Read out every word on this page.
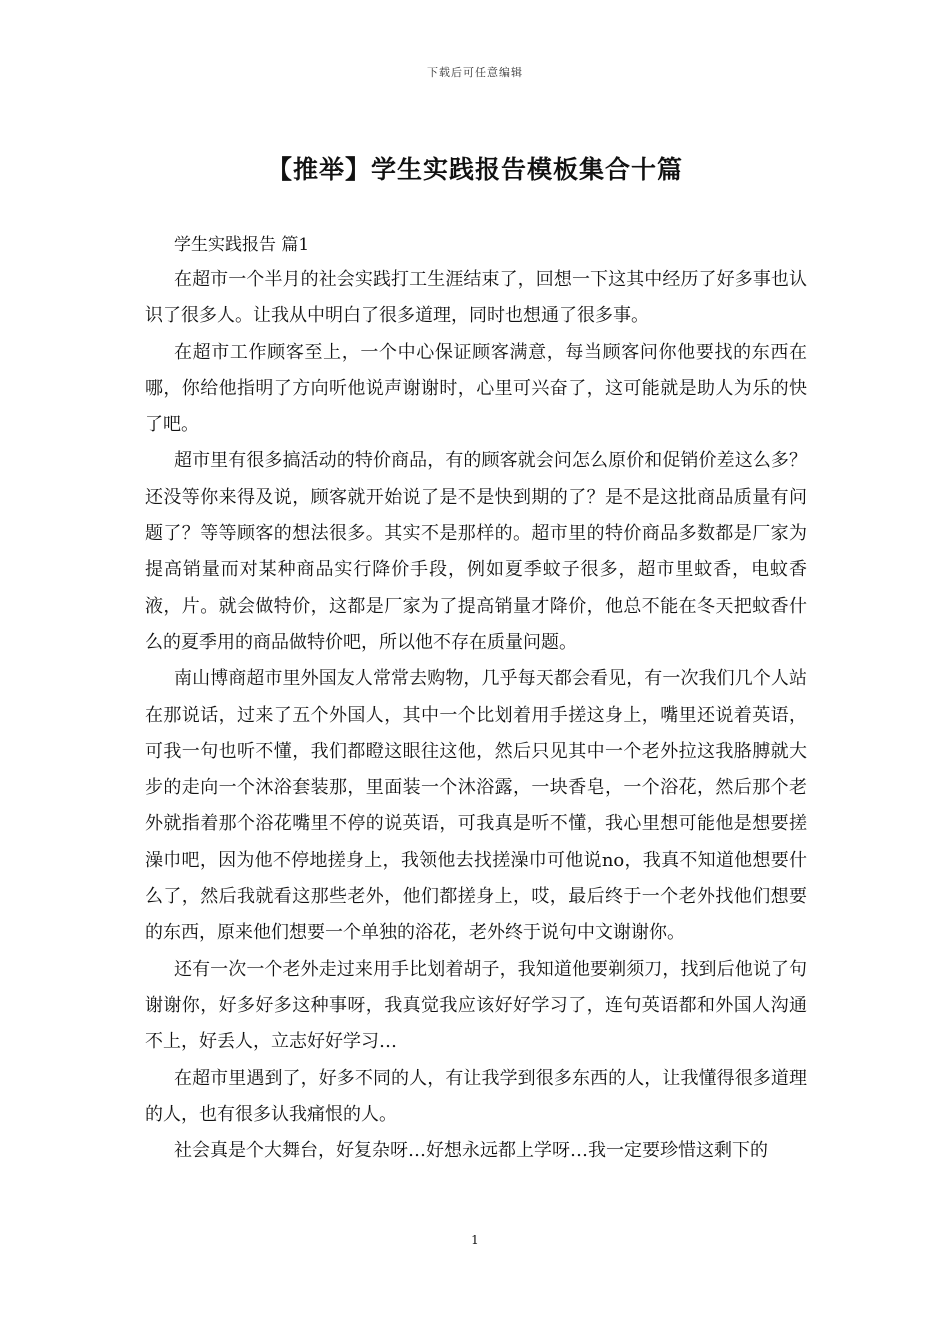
下载后可任意编辑
【推举】学生实践报告模板集合十篇

学生实践报告 篇1

在超市一个半月的社会实践打工生涯结束了，回想一下这其中经历了好多事也认识了很多人。让我从中明白了很多道理，同时也想通了很多事。

在超市工作顾客至上，一个中心保证顾客满意，每当顾客问你他要找的东西在哪，你给他指明了方向听他说声谢谢时，心里可兴奋了，这可能就是助人为乐的快了吧。

超市里有很多搞活动的特价商品，有的顾客就会问怎么原价和促销价差这么多？还没等你来得及说，顾客就开始说了是不是快到期的了？是不是这批商品质量有问题了？等等顾客的想法很多。其实不是那样的。超市里的特价商品多数都是厂家为提高销量而对某种商品实行降价手段，例如夏季蚊子很多，超市里蚊香，电蚊香液，片。就会做特价，这都是厂家为了提高销量才降价，他总不能在冬天把蚊香什么的夏季用的商品做特价吧，所以他不存在质量问题。

南山博商超市里外国友人常常去购物，几乎每天都会看见，有一次我们几个人站在那说话，过来了五个外国人，其中一个比划着用手搓这身上，嘴里还说着英语，可我一句也听不懂，我们都瞪这眼往这他，然后只见其中一个老外拉这我胳膊就大步的走向一个沐浴套装那，里面装一个沐浴露，一块香皂，一个浴花，然后那个老外就指着那个浴花嘴里不停的说英语，可我真是听不懂，我心里想可能他是想要搓澡巾吧，因为他不停地搓身上，我领他去找搓澡巾可他说no，我真不知道他想要什么了，然后我就看这那些老外，他们都搓身上，哎，最后终于一个老外找他们想要的东西，原来他们想要一个单独的浴花，老外终于说句中文谢谢你。

还有一次一个老外走过来用手比划着胡子，我知道他要剃须刀，找到后他说了句谢谢你，好多好多这种事呀，我真觉我应该好好学习了，连句英语都和外国人沟通不上，好丢人，立志好好学习…

在超市里遇到了，好多不同的人，有让我学到很多东西的人，让我懂得很多道理的人，也有很多认我痛恨的人。

社会真是个大舞台，好复杂呀…好想永远都上学呀…我一定要珍惜这剩下的

1
